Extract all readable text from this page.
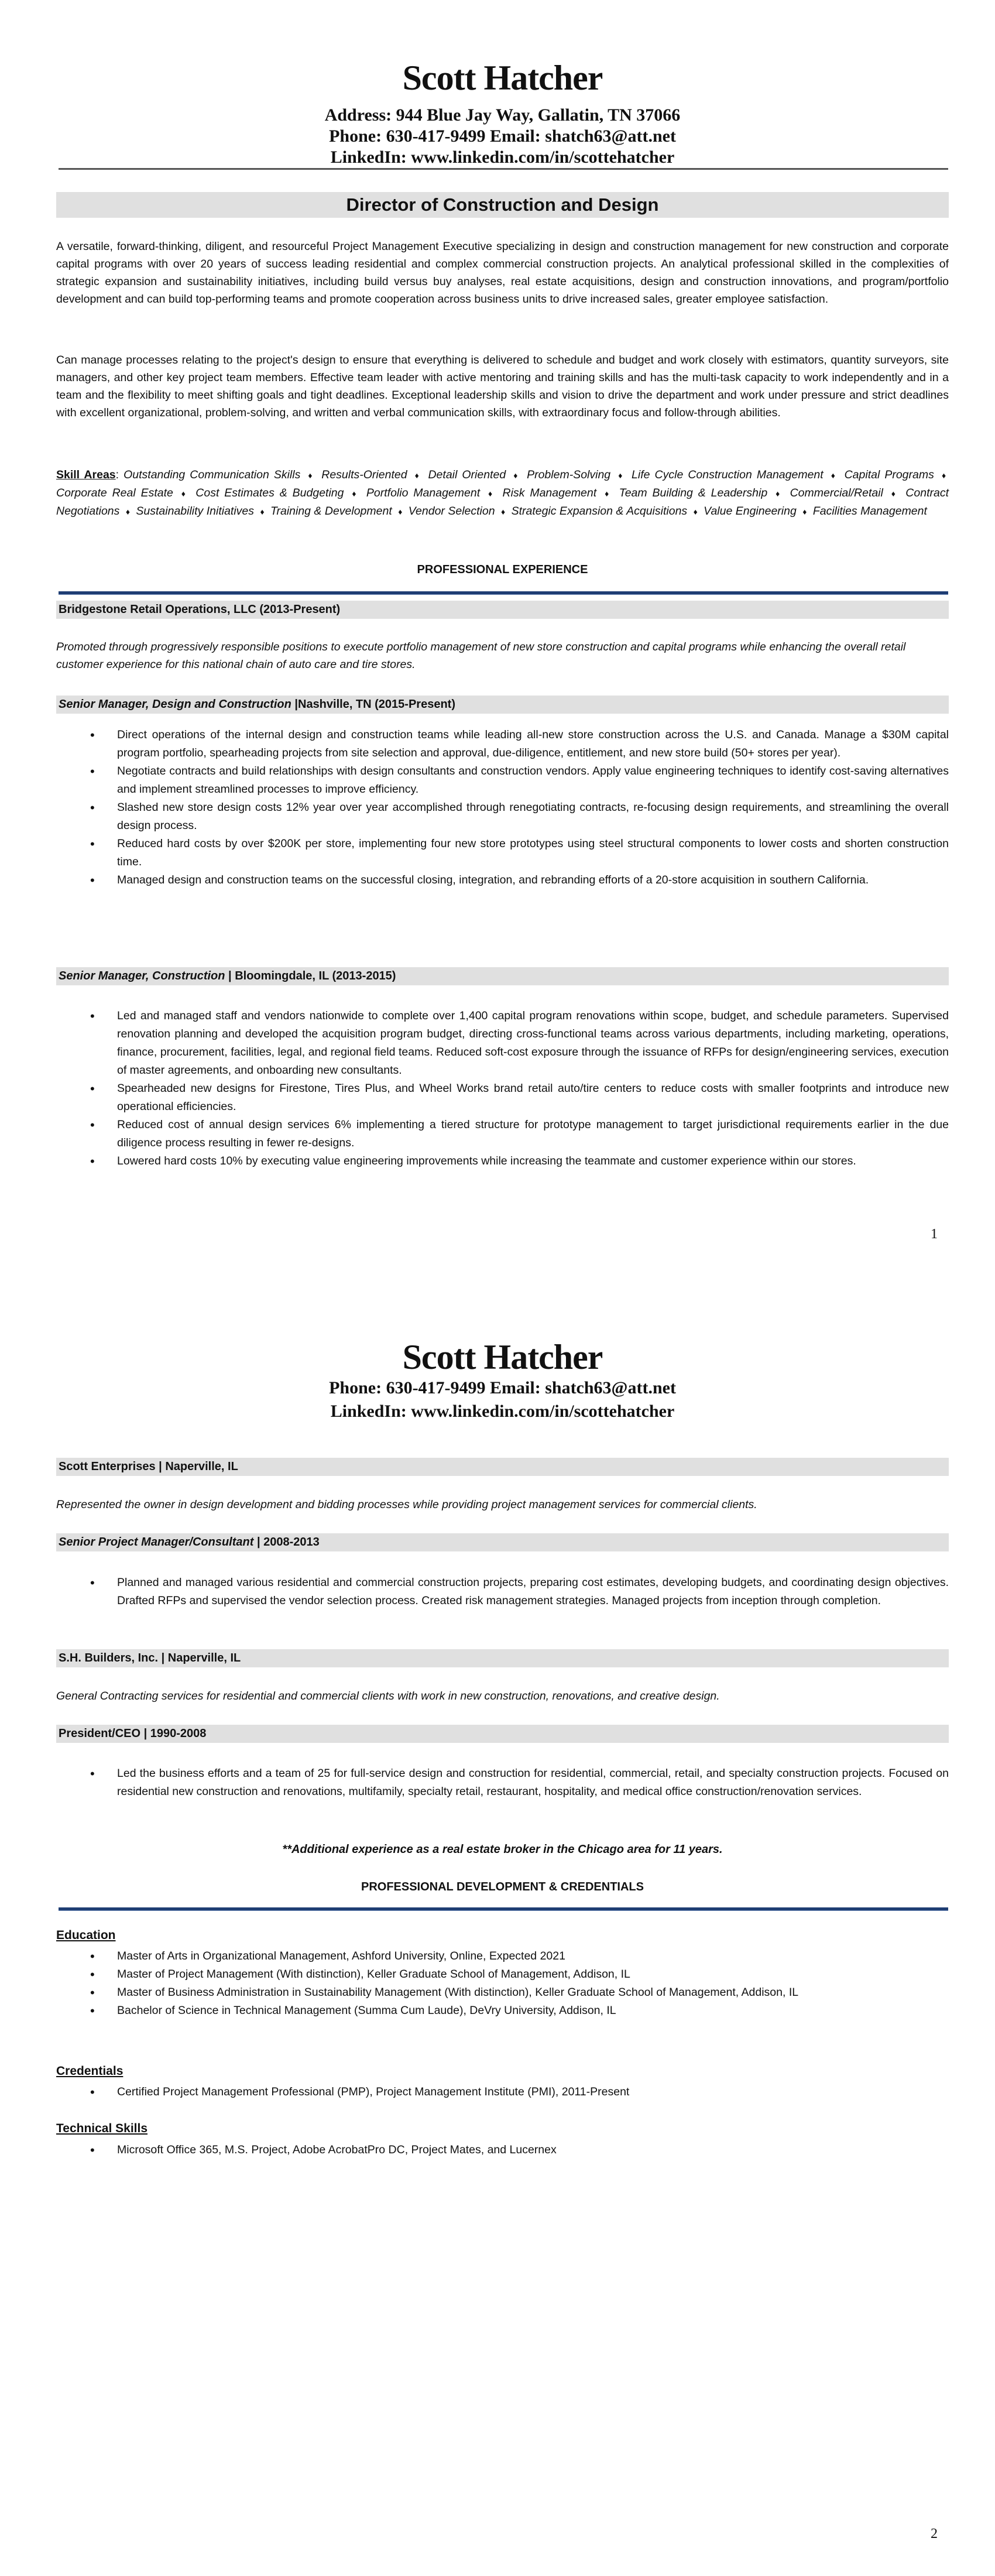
Scott Hatcher
Address: 944 Blue Jay Way, Gallatin, TN 37066
Phone: 630-417-9499 Email: shatch63@att.net
LinkedIn: www.linkedin.com/in/scottehatcher
Director of Construction and Design
A versatile, forward-thinking, diligent, and resourceful Project Management Executive specializing in design and construction management for new construction and corporate capital programs with over 20 years of success leading residential and complex commercial construction projects. An analytical professional skilled in the complexities of strategic expansion and sustainability initiatives, including build versus buy analyses, real estate acquisitions, design and construction innovations, and program/portfolio development and can build top-performing teams and promote cooperation across business units to drive increased sales, greater employee satisfaction.
Can manage processes relating to the project's design to ensure that everything is delivered to schedule and budget and work closely with estimators, quantity surveyors, site managers, and other key project team members. Effective team leader with active mentoring and training skills and has the multi-task capacity to work independently and in a team and the flexibility to meet shifting goals and tight deadlines. Exceptional leadership skills and vision to drive the department and work under pressure and strict deadlines with excellent organizational, problem-solving, and written and verbal communication skills, with extraordinary focus and follow-through abilities.
Skill Areas: Outstanding Communication Skills ♦ Results-Oriented ♦ Detail Oriented ♦ Problem-Solving ♦ Life Cycle Construction Management ♦ Capital Programs ♦ Corporate Real Estate ♦ Cost Estimates & Budgeting ♦ Portfolio Management ♦ Risk Management ♦ Team Building & Leadership ♦ Commercial/Retail ♦ Contract Negotiations ♦ Sustainability Initiatives ♦ Training & Development ♦ Vendor Selection ♦ Strategic Expansion & Acquisitions ♦ Value Engineering ♦ Facilities Management
PROFESSIONAL EXPERIENCE
Bridgestone Retail Operations, LLC (2013-Present)
Promoted through progressively responsible positions to execute portfolio management of new store construction and capital programs while enhancing the overall retail customer experience for this national chain of auto care and tire stores.
Senior Manager, Design and Construction |Nashville, TN (2015-Present)
• Direct operations of the internal design and construction teams while leading all-new store construction across the U.S. and Canada. Manage a $30M capital program portfolio, spearheading projects from site selection and approval, due-diligence, entitlement, and new store build (50+ stores per year).
• Negotiate contracts and build relationships with design consultants and construction vendors. Apply value engineering techniques to identify cost-saving alternatives and implement streamlined processes to improve efficiency.
• Slashed new store design costs 12% year over year accomplished through renegotiating contracts, re-focusing design requirements, and streamlining the overall design process.
• Reduced hard costs by over $200K per store, implementing four new store prototypes using steel structural components to lower costs and shorten construction time.
• Managed design and construction teams on the successful closing, integration, and rebranding efforts of a 20-store acquisition in southern California.
Senior Manager, Construction | Bloomingdale, IL (2013-2015)
• Led and managed staff and vendors nationwide to complete over 1,400 capital program renovations within scope, budget, and schedule parameters. Supervised renovation planning and developed the acquisition program budget, directing cross-functional teams across various departments, including marketing, operations, finance, procurement, facilities, legal, and regional field teams. Reduced soft-cost exposure through the issuance of RFPs for design/engineering services, execution of master agreements, and onboarding new consultants.
• Spearheaded new designs for Firestone, Tires Plus, and Wheel Works brand retail auto/tire centers to reduce costs with smaller footprints and introduce new operational efficiencies.
• Reduced cost of annual design services 6% implementing a tiered structure for prototype management to target jurisdictional requirements earlier in the due diligence process resulting in fewer re-designs.
• Lowered hard costs 10% by executing value engineering improvements while increasing the teammate and customer experience within our stores.
1
Scott Hatcher
Phone: 630-417-9499 Email: shatch63@att.net
LinkedIn: www.linkedin.com/in/scottehatcher
Scott Enterprises | Naperville, IL
Represented the owner in design development and bidding processes while providing project management services for commercial clients.
Senior Project Manager/Consultant | 2008-2013
• Planned and managed various residential and commercial construction projects, preparing cost estimates, developing budgets, and coordinating design objectives. Drafted RFPs and supervised the vendor selection process. Created risk management strategies. Managed projects from inception through completion.
S.H. Builders, Inc. | Naperville, IL
General Contracting services for residential and commercial clients with work in new construction, renovations, and creative design.
President/CEO | 1990-2008
• Led the business efforts and a team of 25 for full-service design and construction for residential, commercial, retail, and specialty construction projects. Focused on residential new construction and renovations, multifamily, specialty retail, restaurant, hospitality, and medical office construction/renovation services.
**Additional experience as a real estate broker in the Chicago area for 11 years.
PROFESSIONAL DEVELOPMENT & CREDENTIALS
Education
• Master of Arts in Organizational Management, Ashford University, Online, Expected 2021
• Master of Project Management (With distinction), Keller Graduate School of Management, Addison, IL
• Master of Business Administration in Sustainability Management (With distinction), Keller Graduate School of Management, Addison, IL
• Bachelor of Science in Technical Management (Summa Cum Laude), DeVry University, Addison, IL
Credentials
• Certified Project Management Professional (PMP), Project Management Institute (PMI), 2011-Present
Technical Skills
• Microsoft Office 365, M.S. Project, Adobe AcrobatPro DC, Project Mates, and Lucernex
2
